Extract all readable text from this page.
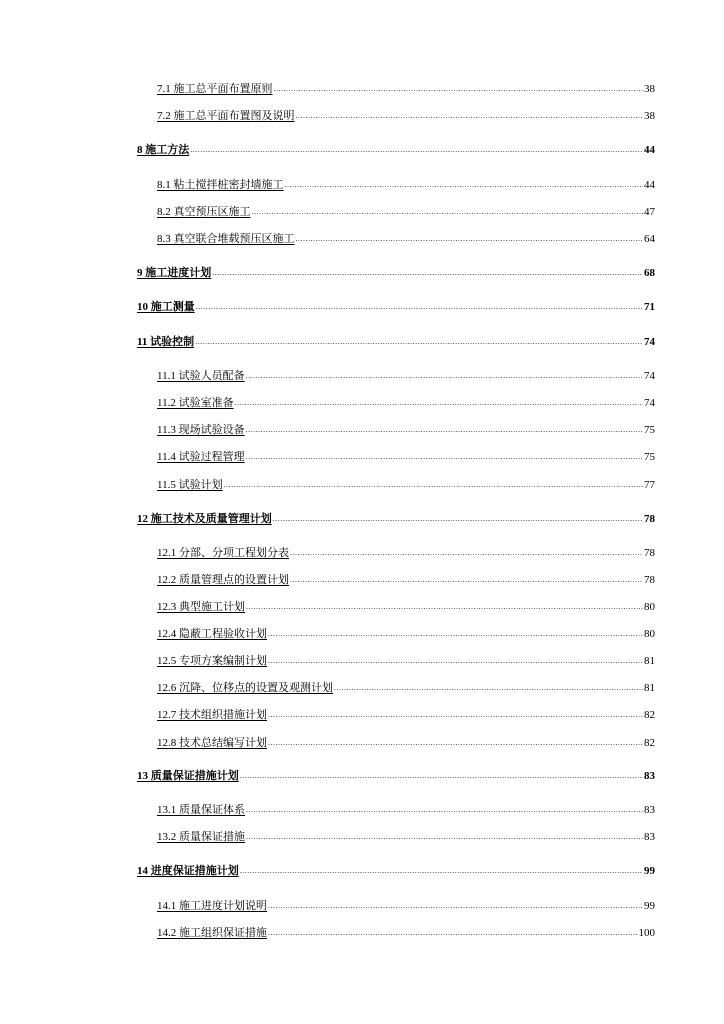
7.1 施工总平面布置原则 .....	38
7.2 施工总平面布置图及说明 .....	38
8 施工方法 .....	44
8.1 粘土搅拌桩密封墙施工 .....	44
8.2 真空预压区施工 .....	47
8.3 真空联合堆载预压区施工 .....	64
9 施工进度计划 .....	68
10 施工测量 .....	71
11 试验控制 .....	74
11.1 试验人员配备 .....	74
11.2 试验室准备 .....	74
11.3 现场试验设备 .....	75
11.4 试验过程管理 .....	75
11.5 试验计划 .....	77
12 施工技术及质量管理计划 .....	78
12.1 分部、分项工程划分表 .....	78
12.2 质量管理点的设置计划 .....	78
12.3 典型施工计划 .....	80
12.4 隐蔽工程验收计划 .....	80
12.5 专项方案编制计划 .....	81
12.6 沉降、位移点的设置及观测计划 .....	81
12.7 技术组织措施计划 .....	82
12.8 技术总结编写计划 .....	82
13 质量保证措施计划 .....	83
13.1 质量保证体系 .....	83
13.2 质量保证措施 .....	83
14 进度保证措施计划 .....	99
14.1 施工进度计划说明 .....	99
14.2 施工组织保证措施 .....	100
